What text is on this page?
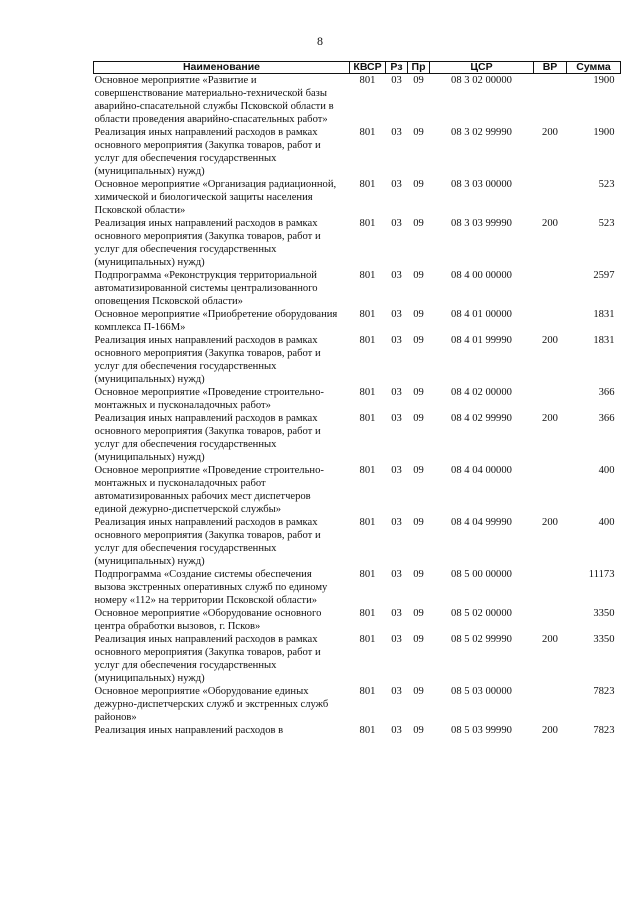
8
Наименование	КВСР	Рз	Пр	ЦСР	ВР	Сумма
Основное мероприятие «Развитие и совершенствование материально-технической базы аварийно-спасательной службы Псковской области в области проведения аварийно-спасательных работ»	801	03	09	08 3 02 00000		1900
Реализация иных направлений расходов в рамках основного мероприятия (Закупка товаров, работ и услуг для обеспечения государственных (муниципальных) нужд)	801	03	09	08 3 02 99990	200	1900
Основное мероприятие «Организация радиационной, химической и биологической защиты населения Псковской области»	801	03	09	08 3 03 00000		523
Реализация иных направлений расходов в рамках основного мероприятия (Закупка товаров, работ и услуг для обеспечения государственных (муниципальных) нужд)	801	03	09	08 3 03 99990	200	523
Подпрограмма «Реконструкция территориальной автоматизированной системы централизованного оповещения Псковской области»	801	03	09	08 4 00 00000		2597
Основное мероприятие «Приобретение оборудования комплекса П-166М»	801	03	09	08 4 01 00000		1831
Реализация иных направлений расходов в рамках основного мероприятия (Закупка товаров, работ и услуг для обеспечения государственных (муниципальных) нужд)	801	03	09	08 4 01 99990	200	1831
Основное мероприятие «Проведение строительно-монтажных и пусконаладочных работ»	801	03	09	08 4 02 00000		366
Реализация иных направлений расходов в рамках основного мероприятия (Закупка товаров, работ и услуг для обеспечения государственных (муниципальных) нужд)	801	03	09	08 4 02 99990	200	366
Основное мероприятие «Проведение строительно-монтажных и пусконаладочных работ автоматизированных рабочих мест диспетчеров единой дежурно-диспетчерской службы»	801	03	09	08 4 04 00000		400
Реализация иных направлений расходов в рамках основного мероприятия (Закупка товаров, работ и услуг для обеспечения государственных (муниципальных) нужд)	801	03	09	08 4 04 99990	200	400
Подпрограмма «Создание системы обеспечения вызова экстренных оперативных служб по единому номеру «112» на территории Псковской области»	801	03	09	08 5 00 00000		11173
Основное мероприятие «Оборудование основного центра обработки вызовов, г. Псков»	801	03	09	08 5 02 00000		3350
Реализация иных направлений расходов в рамках основного мероприятия (Закупка товаров, работ и услуг для обеспечения государственных (муниципальных) нужд)	801	03	09	08 5 02 99990	200	3350
Основное мероприятие «Оборудование единых дежурно-диспетчерских служб и экстренных служб районов»	801	03	09	08 5 03 00000		7823
Реализация иных направлений расходов в	801	03	09	08 5 03 99990	200	7823
